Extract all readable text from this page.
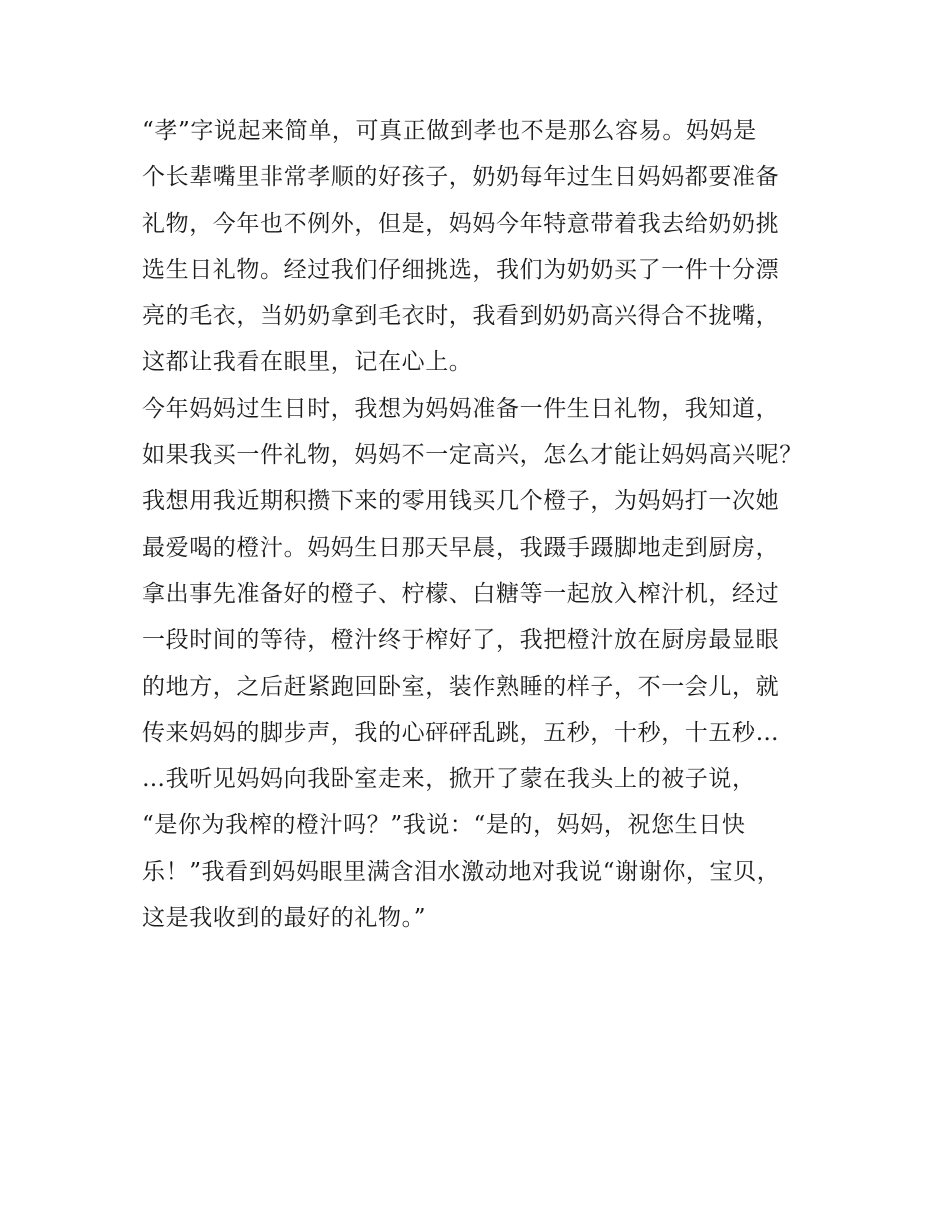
“孝”字说起来简单，可真正做到孝也不是那么容易。妈妈是
个长辈嘴里非常孝顺的好孩子，奶奶每年过生日妈妈都要准备
礼物，今年也不例外，但是，妈妈今年特意带着我去给奶奶挑
选生日礼物。经过我们仔细挑选，我们为奶奶买了一件十分漂
亮的毛衣，当奶奶拿到毛衣时，我看到奶奶高兴得合不拢嘴，
这都让我看在眼里，记在心上。
今年妈妈过生日时，我想为妈妈准备一件生日礼物，我知道，
如果我买一件礼物，妈妈不一定高兴，怎么才能让妈妈高兴呢？
我想用我近期积攒下来的零用钱买几个橙子，为妈妈打一次她
最爱喝的橙汁。妈妈生日那天早晨，我蹑手蹑脚地走到厨房，
拿出事先准备好的橙子、柠檬、白糖等一起放入榨汁机，经过
一段时间的等待，橙汁终于榨好了，我把橙汁放在厨房最显眼
的地方，之后赶紧跑回卧室，装作熟睡的样子，不一会儿，就
传来妈妈的脚步声，我的心砰砰乱跳，五秒，十秒，十五秒…
…我听见妈妈向我卧室走来，掀开了蒙在我头上的被子说，
“是你为我榨的橙汁吗？”我说：“是的，妈妈，祝您生日快
乐！”我看到妈妈眼里满含泪水激动地对我说“谢谢你，宝贝，
这是我收到的最好的礼物。”
